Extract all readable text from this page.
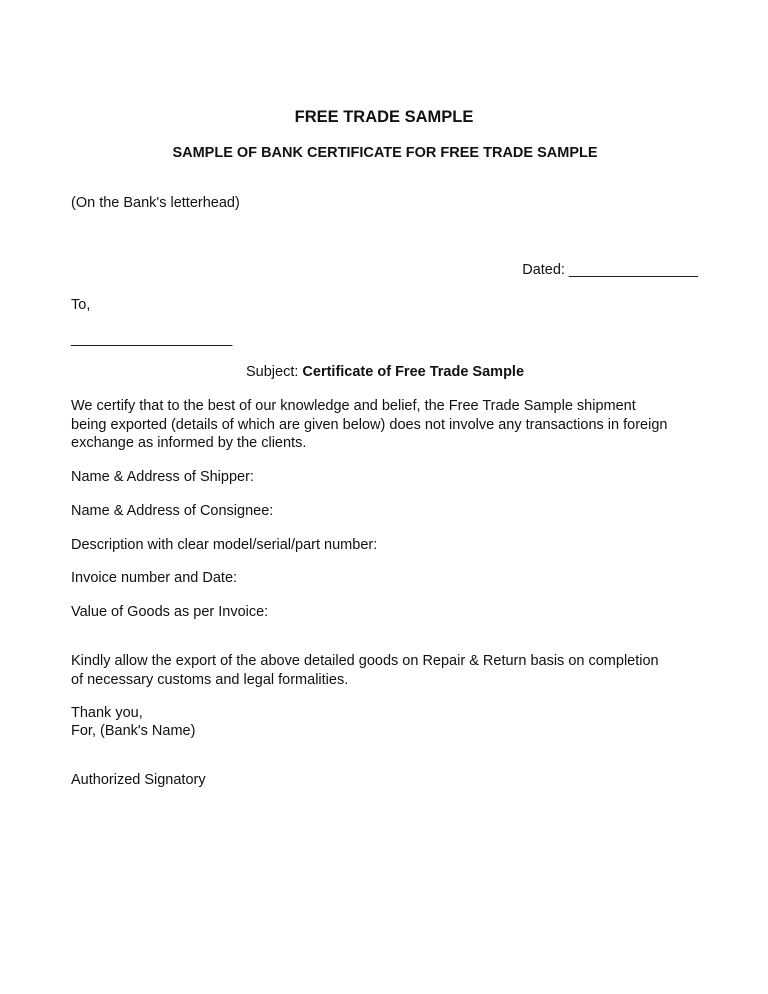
FREE TRADE SAMPLE
SAMPLE OF BANK CERTIFICATE FOR FREE TRADE SAMPLE
(On the Bank's letterhead)
Dated: ________________
To,
____________________
Subject: Certificate of Free Trade Sample
We certify that to the best of our knowledge and belief, the Free Trade Sample shipment
being exported (details of which are given below) does not involve any transactions in foreign
exchange as informed by the clients.
Name & Address of Shipper:
Name & Address of Consignee:
Description with clear model/serial/part number:
Invoice number and Date:
Value of Goods as per Invoice:
Kindly allow the export of the above detailed goods on Repair & Return basis on completion
of necessary customs and legal formalities.
Thank you,
For, (Bank's Name)
Authorized Signatory
